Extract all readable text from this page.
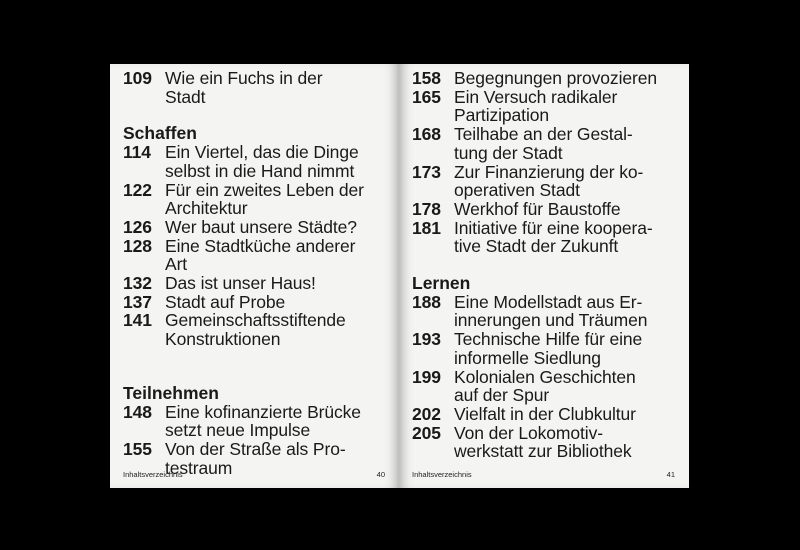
109 Wie ein Fuchs in der
Stadt
Schaffen
114 Ein Viertel, das die Dinge
selbst in die Hand nimmt
122 Für ein zweites Leben der
Architektur
126 Wer baut unsere Städte?
128 Eine Stadtküche anderer
Art
132 Das ist unser Haus!
137 Stadt auf Probe
141 Gemeinschaftsstiftende
Konstruktionen
Teilnehmen
148 Eine kofinanzierte Brücke
setzt neue Impulse
155 Von der Straße als Pro-
testraum
Inhaltsverzeichnis	40
158 Begegnungen provozieren
165 Ein Versuch radikaler
Partizipation
168 Teilhabe an der Gestal-
tung der Stadt
173 Zur Finanzierung der ko-
operativen Stadt
178 Werkhof für Baustoffe
181 Initiative für eine koopera-
tive Stadt der Zukunft
Lernen
188 Eine Modellstadt aus Er-
innerungen und Träumen
193 Technische Hilfe für eine
informelle Siedlung
199 Kolonialen Geschichten
auf der Spur
202 Vielfalt in der Clubkultur
205 Von der Lokomotiv-
werkstatt zur Bibliothek
Inhaltsverzeichnis	41
